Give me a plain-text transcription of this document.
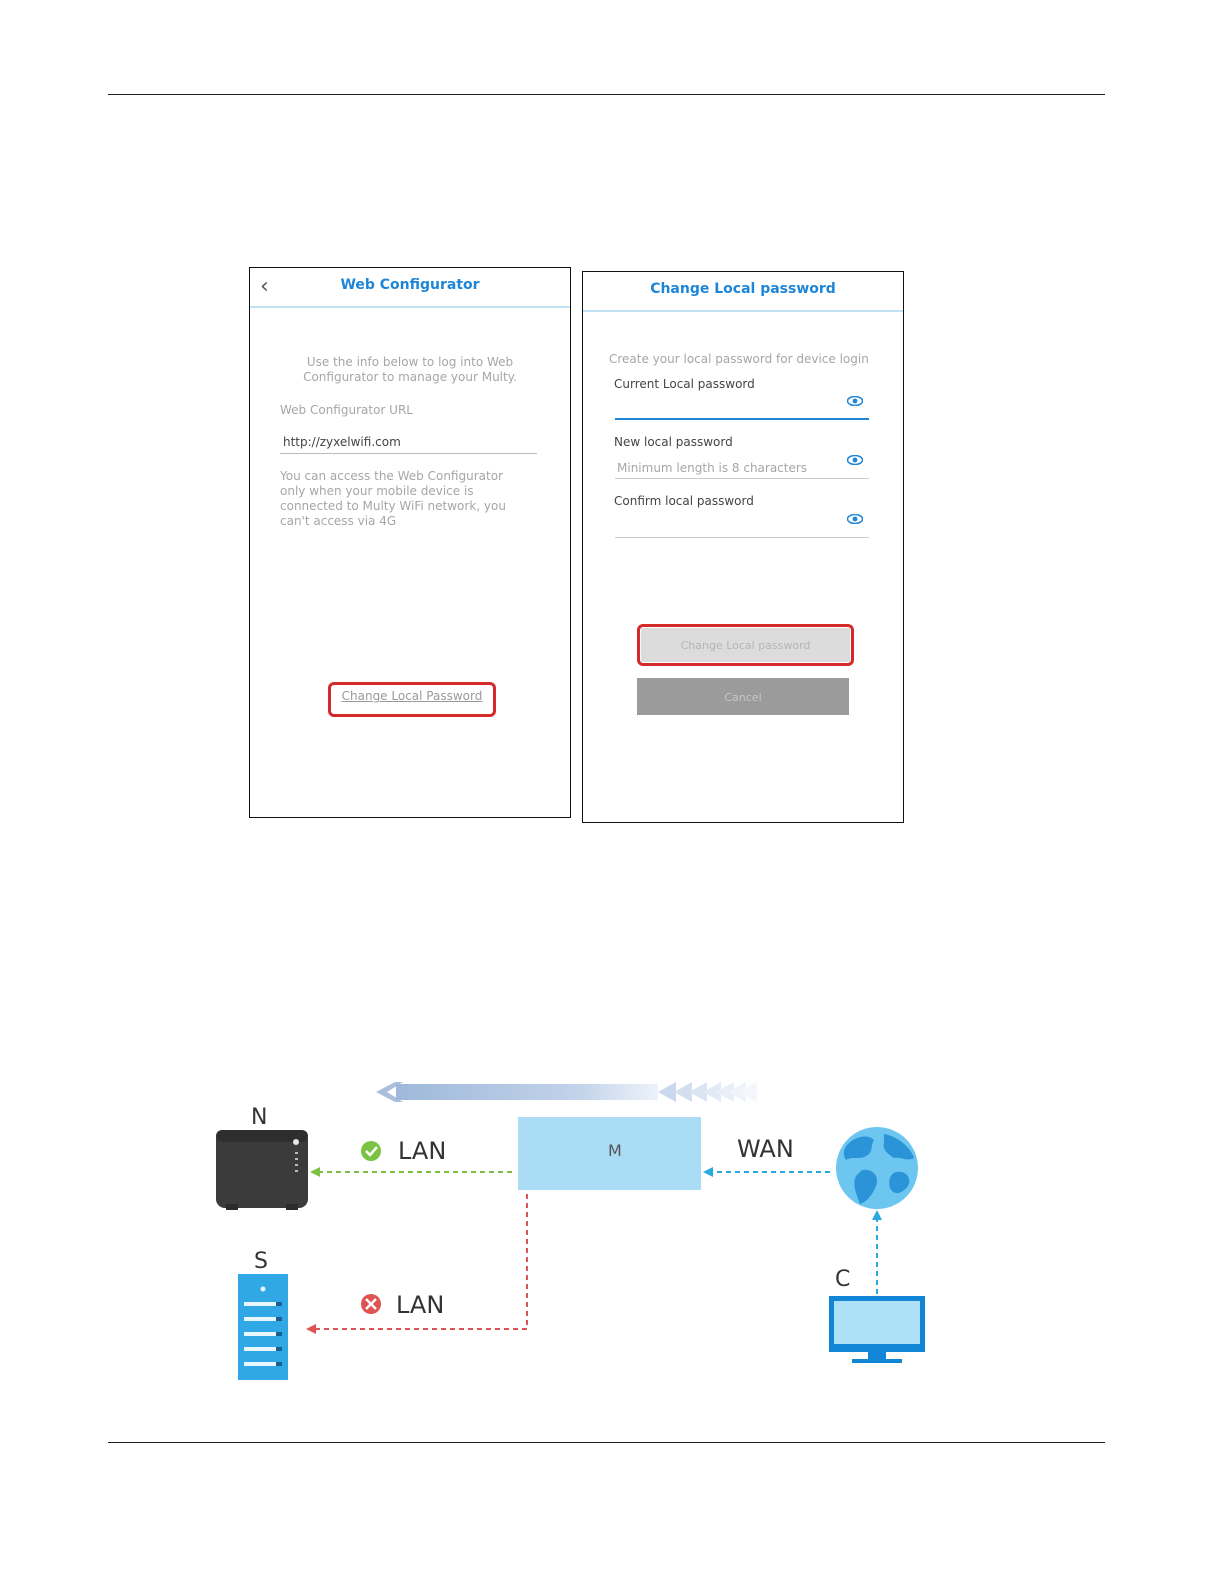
‹	Web Configurator
Use the info below to log into Web Configurator to manage your Multy.
Web Configurator URL
http://zyxelwifi.com
You can access the Web Configurator only when your mobile device is connected to Multy WiFi network, you can't access via 4G
Change Local Password
Change Local password
Create your local password for device login
Current Local password
New local password
Minimum length is 8 characters
Confirm local password
Change Local password
Cancel
N
S
C
M
LAN
LAN
WAN
